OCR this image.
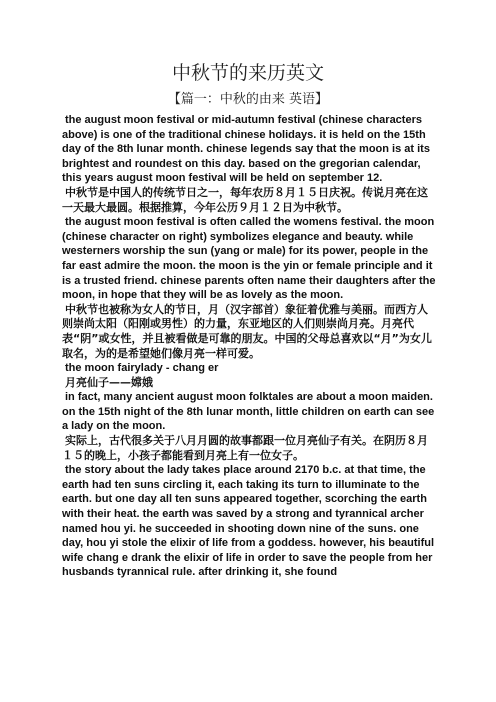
中秋节的来历英文
【篇一：中秋的由来 英语】

the august moon festival or mid-autumn festival (chinese characters above) is one of the traditional chinese holidays. it is held on the 15th day of the 8th lunar month. chinese legends say that the moon is at its brightest and roundest on this day. based on the gregorian calendar, this years august moon festival will be held on september 12.

中秋节是中国人的传统节日之一，每年农历８月１５日庆祝。传说月亮在这一天最大最圆。根据推算，今年公历９月１２日为中秋节。

the august moon festival is often called the womens festival. the moon (chinese character on right) symbolizes elegance and beauty. while westerners worship the sun (yang or male) for its power, people in the far east admire the moon. the moon is the yin or female principle and it is a trusted friend. chinese parents often name their daughters after the moon, in hope that they will be as lovely as the moon.

中秋节也被称为女人的节日，月（汉字部首）象征着优雅与美丽。而西方人则崇尚太阳（阳刚或男性）的力量，东亚地区的人们则崇尚月亮。月亮代表“阴”或女性，并且被看做是可靠的朋友。中国的父母总喜欢以“月”为女儿取名，为的是希望她们像月亮一样可爱。

the moon fairylady - chang er

月亮仙子——嫦娥

in fact, many ancient august moon folktales are about a moon maiden. on the 15th night of the 8th lunar month, little children on earth can see a lady on the moon.

实际上，古代很多关于八月月圆的故事都跟一位月亮仙子有关。在阴历８月１５的晚上，小孩子都能看到月亮上有一位女子。

the story about the lady takes place around 2170 b.c. at that time, the earth had ten suns circling it, each taking its turn to illuminate to the earth. but one day all ten suns appeared together, scorching the earth with their heat. the earth was saved by a strong and tyrannical archer named hou yi. he succeeded in shooting down nine of the suns. one day, hou yi stole the elixir of life from a goddess. however, his beautiful wife chang e drank the elixir of life in order to save the people from her husbands tyrannical rule. after drinking it, she found
